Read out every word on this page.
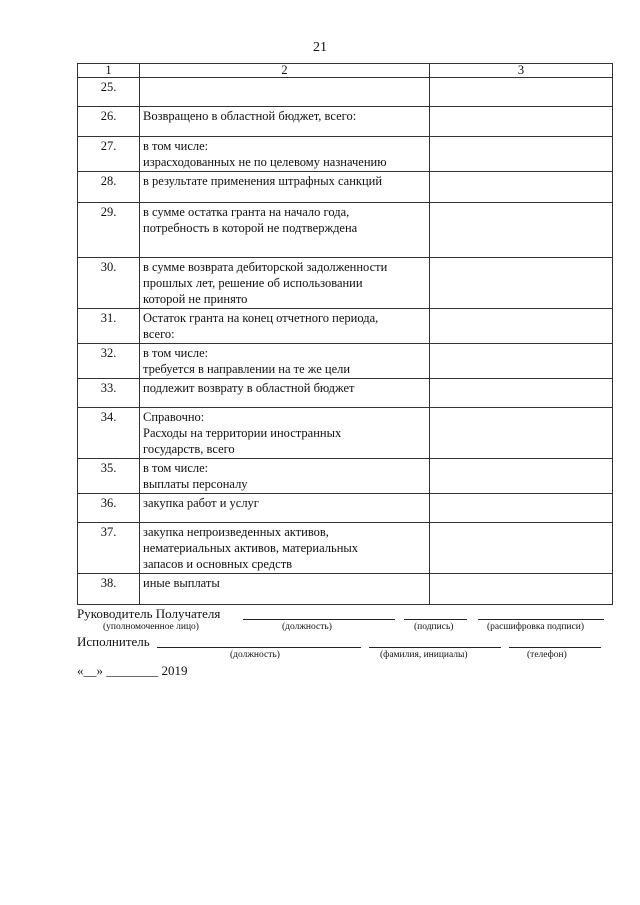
21
1	2	3
25.		
26.	Возвращено в областной бюджет, всего:	
27.	в том числе:
израсходованных не по целевому назначению	
28.	в результате применения штрафных санкций	
29.	в сумме остатка гранта на начало года,
потребность в которой не подтверждена	
30.	в сумме возврата дебиторской задолженности
прошлых лет, решение об использовании
которой не принято	
31.	Остаток гранта на конец отчетного периода,
всего:	
32.	в том числе:
требуется в направлении на те же цели	
33.	подлежит возврату в областной бюджет	
34.	Справочно:
Расходы на территории иностранных
государств, всего	
35.	в том числе:
выплаты персоналу	
36.	закупка работ и услуг	
37.	закупка непроизведенных активов,
нематериальных активов, материальных
запасов и основных средств	
38.	иные выплаты	
Руководитель Получателя
(уполномоченное лицо)	(должность)	(подпись)	(расшифровка подписи)
Исполнитель
(должность)	(фамилия, инициалы)	(телефон)
«__» ________ 2019
